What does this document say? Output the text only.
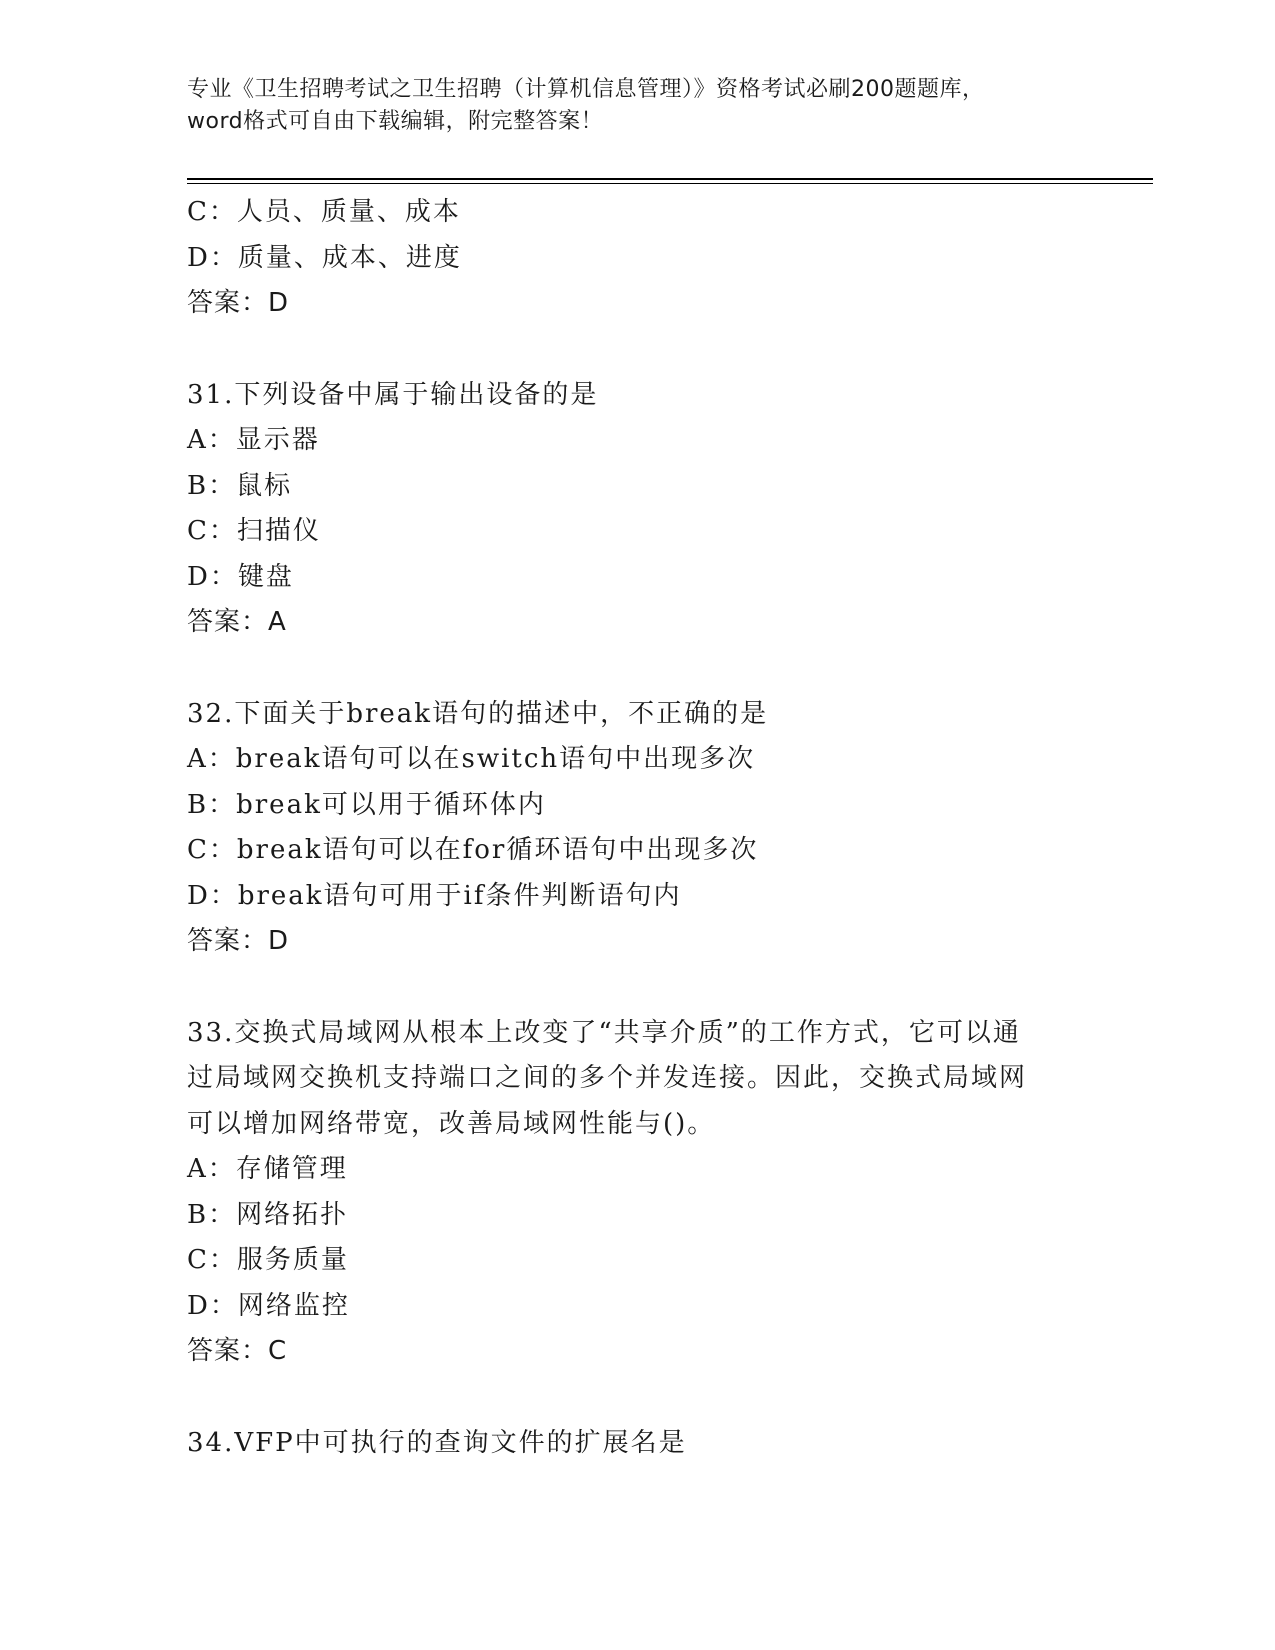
专业《卫生招聘考试之卫生招聘（计算机信息管理）》资格考试必刷200题题库，

word格式可自由下载编辑，附完整答案！

C：人员、质量、成本
D：质量、成本、进度
答案：D
31.下列设备中属于输出设备的是
A：显示器
B：鼠标
C：扫描仪
D：键盘
答案：A
32.下面关于break语句的描述中，不正确的是
A：break语句可以在switch语句中出现多次
B：break可以用于循环体内
C：break语句可以在for循环语句中出现多次
D：break语句可用于if条件判断语句内
答案：D
33.交换式局域网从根本上改变了“共享介质”的工作方式，它可以通
过局域网交换机支持端口之间的多个并发连接。因此，交换式局域网
可以增加网络带宽，改善局域网性能与()。
A：存储管理
B：网络拓扑
C：服务质量
D：网络监控
答案：C
34.VFP中可执行的查询文件的扩展名是
